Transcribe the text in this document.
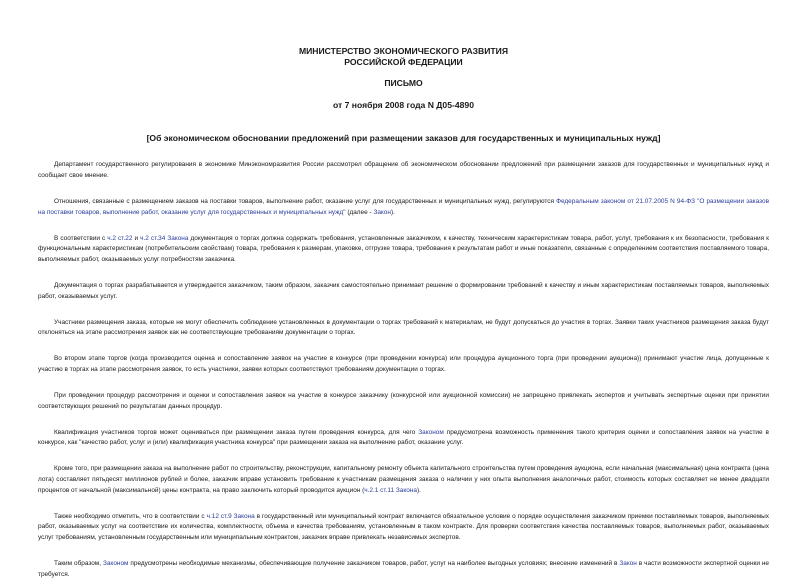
МИНИСТЕРСТВО ЭКОНОМИЧЕСКОГО РАЗВИТИЯ
РОССИЙСКОЙ ФЕДЕРАЦИИ
ПИСЬМО
от 7 ноября 2008 года N Д05-4890
[Об экономическом обосновании предложений при размещении заказов для государственных и муниципальных нужд]

Департамент государственного регулирования в экономике Минэкономразвития России рассмотрел обращение об экономическом обосновании предложений при размещении заказов для государственных и муниципальных нужд и сообщает свое мнение.

Отношения, связанные с размещением заказов на поставки товаров, выполнение работ, оказание услуг для государственных и муниципальных нужд, регулируются Федеральным законом от 21.07.2005 N 94-ФЗ "О размещении заказов на поставки товаров, выполнение работ, оказание услуг для государственных и муниципальных нужд" (далее - Закон).

В соответствии с ч.2 ст.22 и ч.2 ст.34 Закона документация о торгах должна содержать требования, установленные заказчиком, к качеству, техническим характеристикам товара, работ, услуг, требования к их безопасности, требования к функциональным характеристикам (потребительским свойствам) товара, требования к размерам, упаковке, отгрузке товара, требования к результатам работ и иные показатели, связанные с определением соответствия поставляемого товара, выполняемых работ, оказываемых услуг потребностям заказчика.

Документация о торгах разрабатывается и утверждается заказчиком, таким образом, заказчик самостоятельно принимает решение о формировании требований к качеству и иным характеристикам поставляемых товаров, выполняемых работ, оказываемых услуг.

Участники размещения заказа, которые не могут обеспечить соблюдение установленных в документации о торгах требований к материалам, не будут допускаться до участия в торгах. Заявки таких участников размещения заказа будут отклоняться на этапе рассмотрения заявок как не соответствующие требованиям документации о торгах.

Во втором этапе торгов (когда производится оценка и сопоставление заявок на участие в конкурсе (при проведении конкурса) или процедура аукционного торга (при проведении аукциона)) принимают участие лица, допущенные к участию в торгах на этапе рассмотрения заявок, то есть участники, заявки которых соответствуют требованиям документации о торгах.

При проведении процедур рассмотрения и оценки и сопоставления заявок на участие в конкурсе заказчику (конкурсной или аукционной комиссии) не запрещено привлекать экспертов и учитывать экспертные оценки при принятии соответствующих решений по результатам данных процедур.

Квалификация участников торгов может оцениваться при размещении заказа путем проведения конкурса, для чего Законом предусмотрена возможность применения такого критерия оценки и сопоставления заявок на участие в конкурсе, как "качество работ, услуг и (или) квалификация участника конкурса" при размещении заказа на выполнение работ, оказание услуг.

Кроме того, при размещении заказа на выполнение работ по строительству, реконструкции, капитальному ремонту объекта капитального строительства путем проведения аукциона, если начальная (максимальная) цена контракта (цена лота) составляет пятьдесят миллионов рублей и более, заказчик вправе установить требование к участникам размещения заказа о наличии у них опыта выполнения аналогичных работ, стоимость которых составляет не менее двадцати процентов от начальной (максимальной) цены контракта, на право заключить который проводится аукцион (ч.2.1 ст.11 Закона).

Также необходимо отметить, что в соответствии с ч.12 ст.9 Закона в государственный или муниципальный контракт включается обязательное условие о порядке осуществления заказчиком приемки поставляемых товаров, выполняемых работ, оказываемых услуг на соответствие их количества, комплектности, объема и качества требованиям, установленным в таком контракте. Для проверки соответствия качества поставляемых товаров, выполняемых работ, оказываемых услуг требованиям, установленным государственным или муниципальным контрактом, заказчик вправе привлекать независимых экспертов.

Таким образом, Законом предусмотрены необходимые механизмы, обеспечивающие получение заказчиком товаров, работ, услуг на наиболее выгодных условиях; внесение изменений в Закон в части возможности экспертной оценки не требуется.
